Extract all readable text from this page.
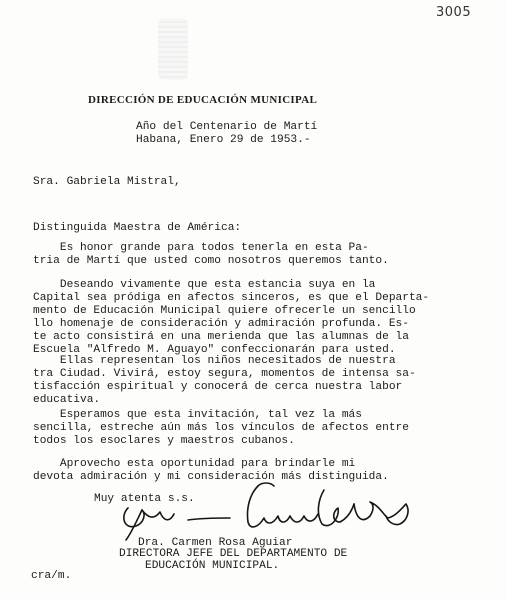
3005
DIRECCIÓN DE EDUCACIÓN MUNICIPAL
Año del Centenario de Martí
Habana, Enero 29 de 1953.-
Sra. Gabriela Mistral,
Distinguida Maestra de América:
Es honor grande para todos tenerla en esta Pa-
tria de Martí que usted como nosotros queremos tanto.
Deseando vivamente que esta estancia suya en la
Capital sea pródiga en afectos sinceros, es que el Departa-
mento de Educación Municipal quiere ofrecerle un sencillo
llo homenaje de consideración y admiración profunda. Es-
te acto consistirá en una merienda que las alumnas de la
Escuela "Alfredo M. Aguayo" confeccionarán para usted.
Ellas representan los niños necesitados de nuestra
tra Ciudad. Vivirá, estoy segura, momentos de intensa sa-
tisfacción espiritual y conocerá de cerca nuestra labor
educativa.
Esperamos que esta invitación, tal vez la más
sencilla, estreche aún más los vínculos de afectos entre
todos los esoclares y maestros cubanos.
Aprovecho esta oportunidad para brindarle mi
devota admiración y mi consideración más distinguida.
Muy atenta s.s.
Dra. Carmen Rosa Aguiar
DIRECTORA JEFE DEL DEPARTAMENTO DE
EDUCACIÓN MUNICIPAL.
cra/m.
